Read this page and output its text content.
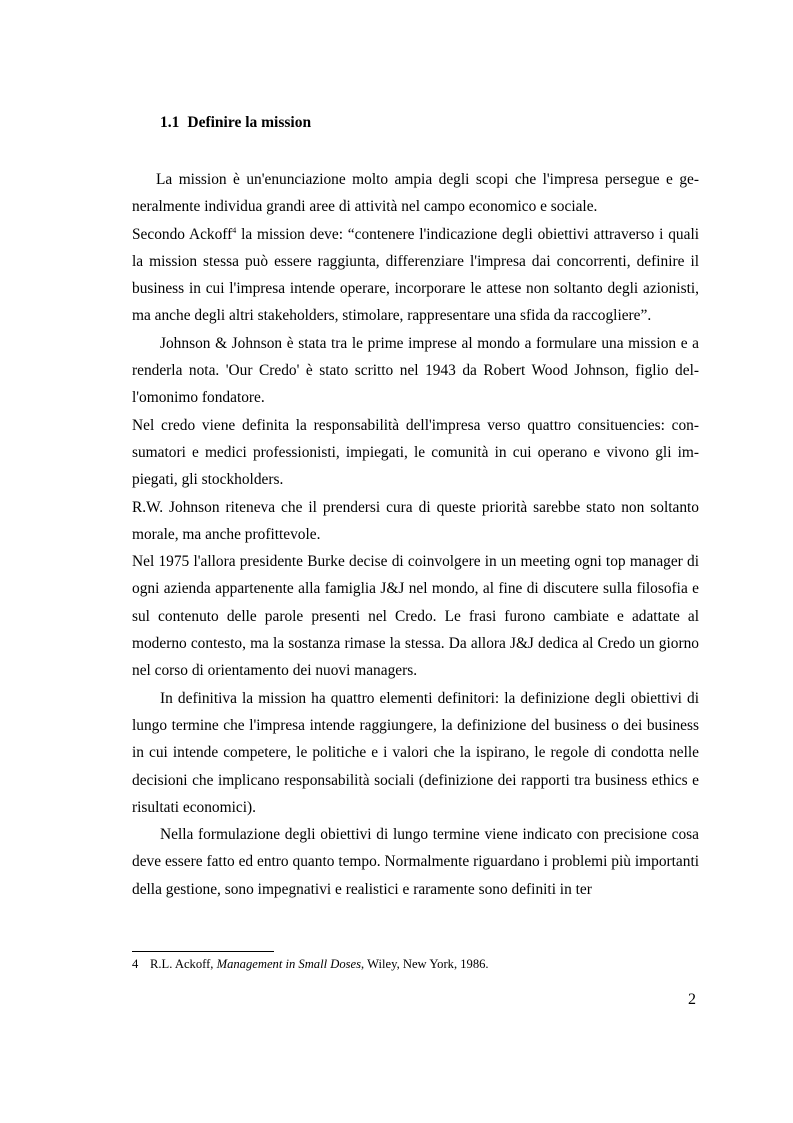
1.1 Definire la mission

La mission è un'enunciazione molto ampia degli scopi che l'impresa persegue e generalmente individua grandi aree di attività nel campo economico e sociale.

Secondo Ackoff$^4$ la mission deve: “contenere l'indicazione degli obiettivi attraverso i quali la mission stessa può essere raggiunta, differenziare l'impresa dai concorrenti, definire il business in cui l'impresa intende operare, incorporare le attese non soltanto degli azionisti, ma anche degli altri stakeholders, stimolare, rappresentare una sfida da raccogliere”.

Johnson & Johnson è stata tra le prime imprese al mondo a formulare una mission e a renderla nota. 'Our Credo' è stato scritto nel 1943 da Robert Wood Johnson, figlio dell'omonimo fondatore.

Nel credo viene definita la responsabilità dell'impresa verso quattro consituencies: consumatori e medici professionisti, impiegati, le comunità in cui operano e vivono gli impiegati, gli stockholders.

R.W. Johnson riteneva che il prendersi cura di queste priorità sarebbe stato non soltanto morale, ma anche profittevole.

Nel 1975 l'allora presidente Burke decise di coinvolgere in un meeting ogni top manager di ogni azienda appartenente alla famiglia J&J nel mondo, al fine di discutere sulla filosofia e sul contenuto delle parole presenti nel Credo. Le frasi furono cambiate e adattate al moderno contesto, ma la sostanza rimase la stessa. Da allora J&J dedica al Credo un giorno nel corso di orientamento dei nuovi managers.

In definitiva la mission ha quattro elementi definitori: la definizione degli obiettivi di lungo termine che l'impresa intende raggiungere, la definizione del business o dei business in cui intende competere, le politiche e i valori che la ispirano, le regole di condotta nelle decisioni che implicano responsabilità sociali (definizione dei rapporti tra business ethics e risultati economici).

Nella formulazione degli obiettivi di lungo termine viene indicato con precisione cosa deve essere fatto ed entro quanto tempo. Normalmente riguardano i problemi più importanti della gestione, sono impegnativi e realistici e raramente sono definiti in ter

4 R.L. Ackoff, Management in Small Doses, Wiley, New York, 1986.
2
